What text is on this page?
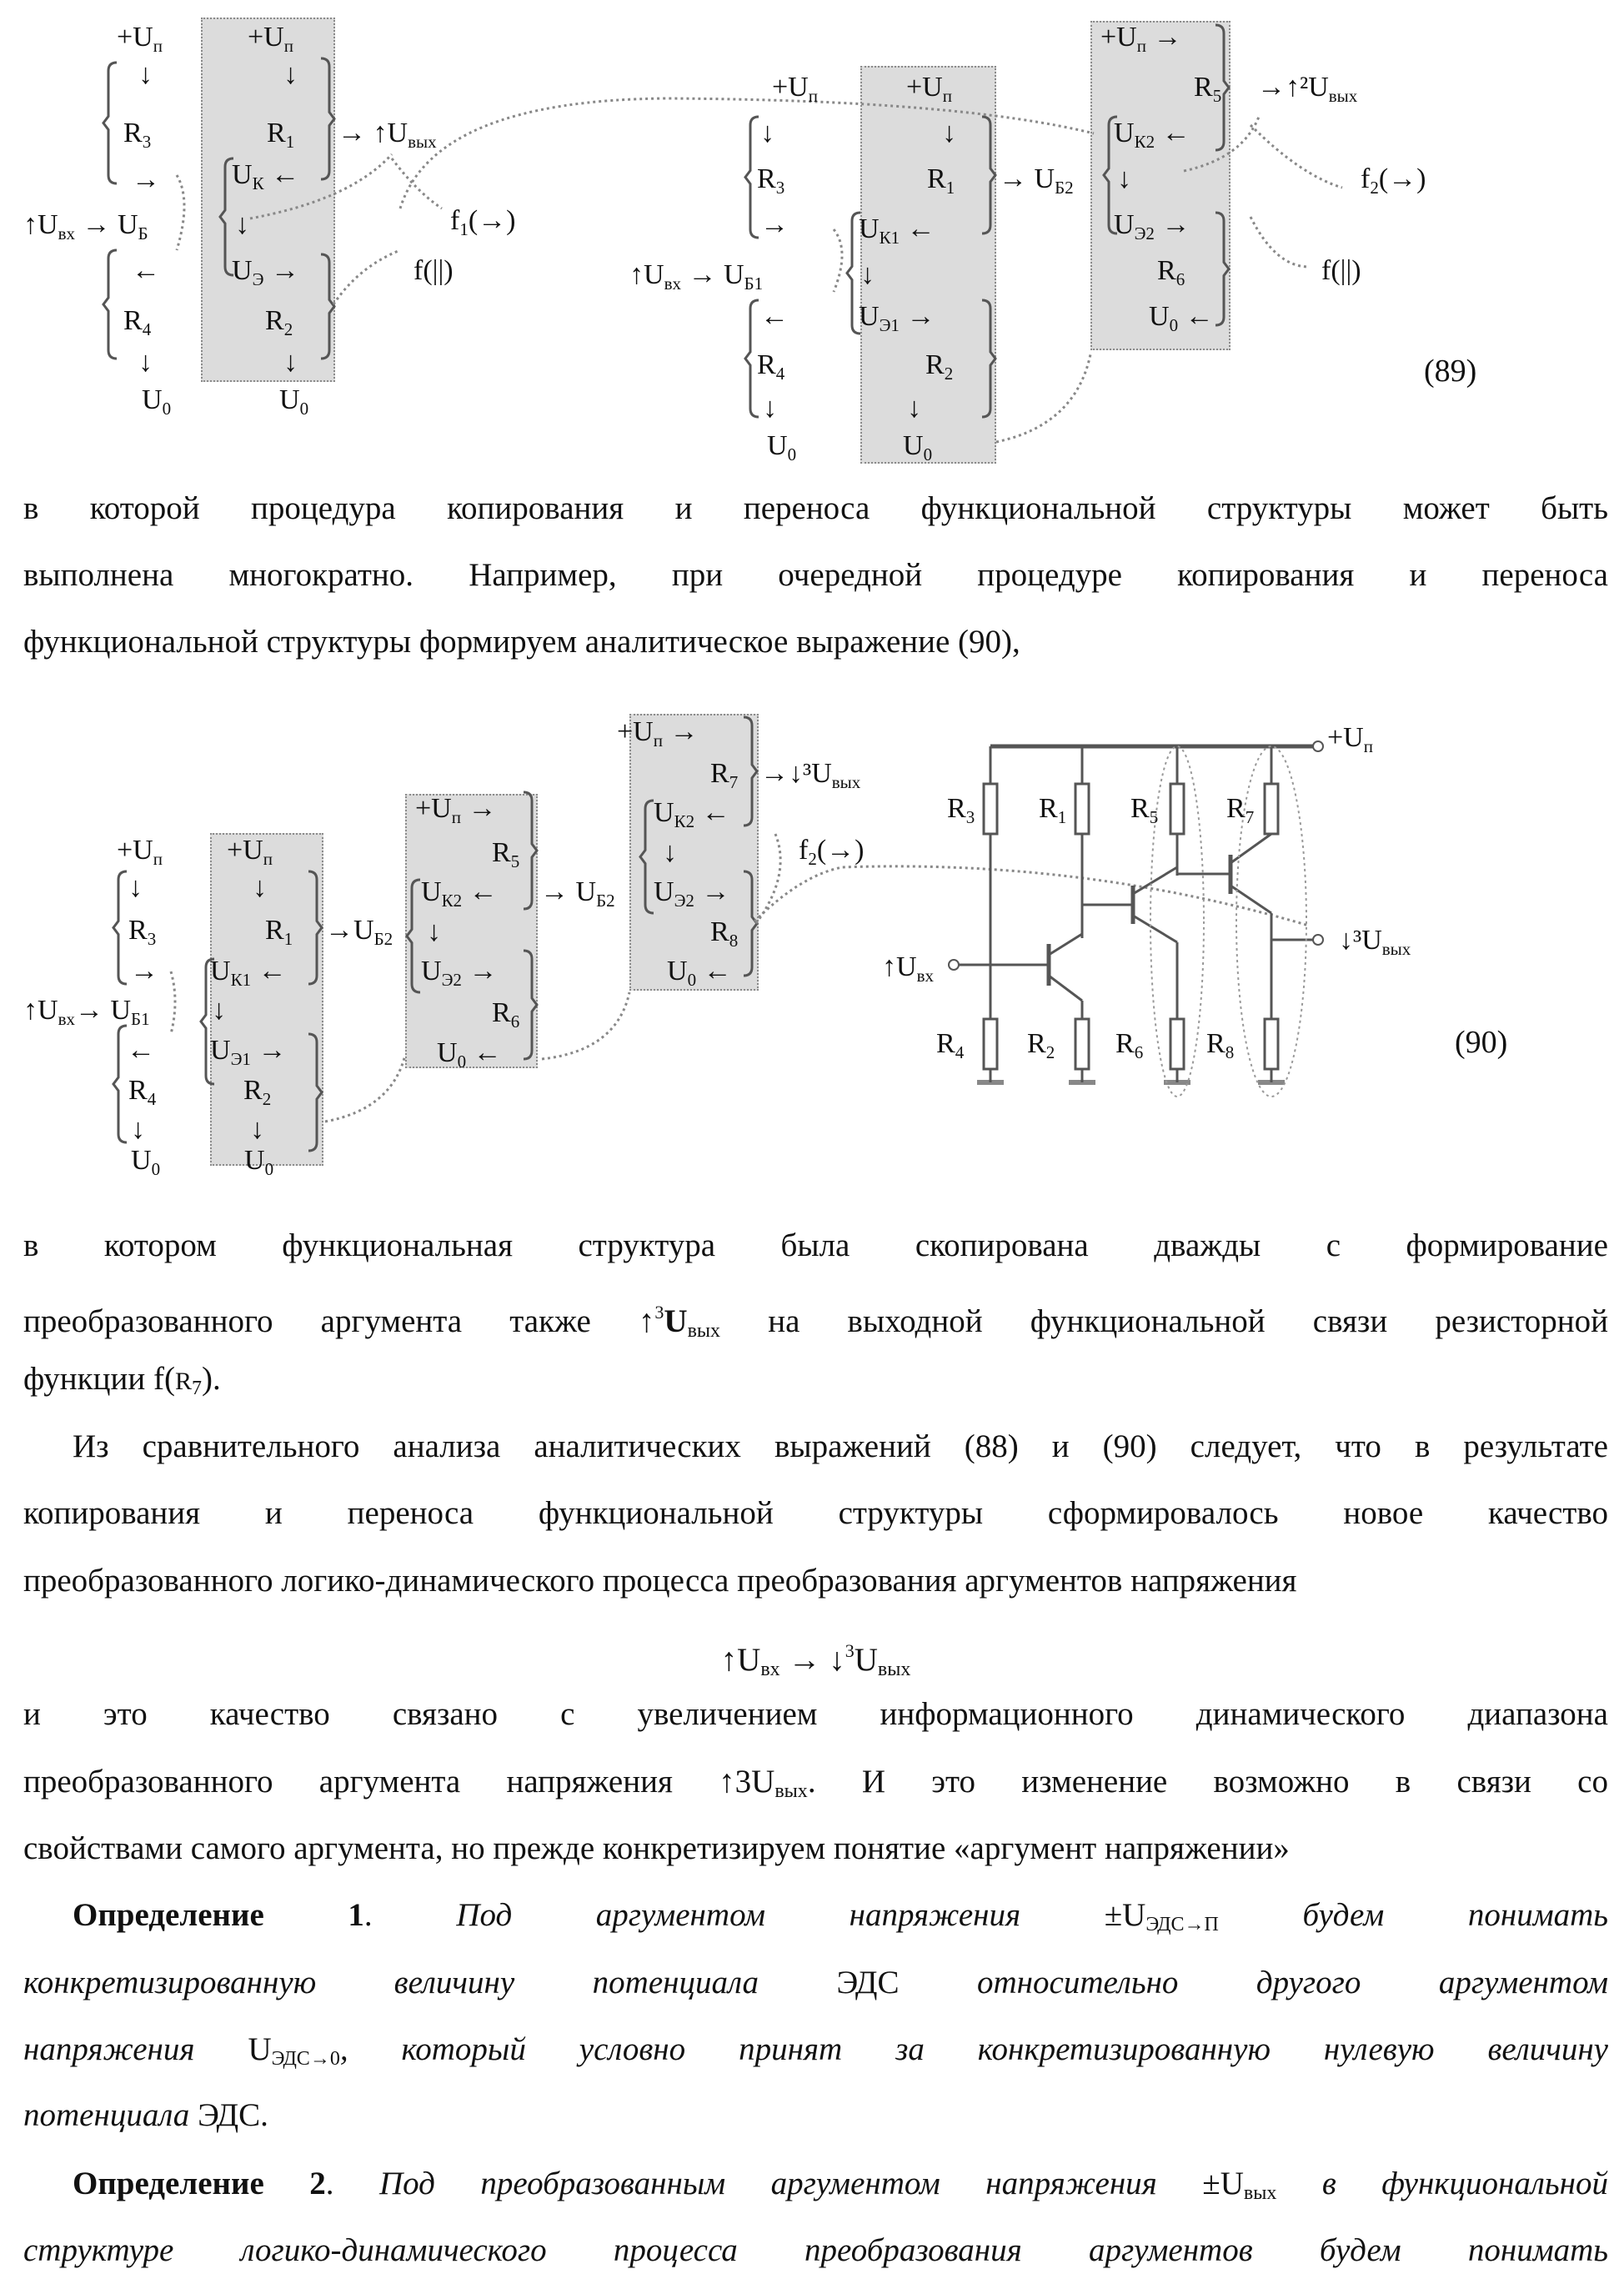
+Uп	+Uп
↓	↓
R3	R1 → ↑Uвых
→	UК ←
↑Uвх → UБ	↓	f1(→)
UЭ →	f(||)
←
R4	R2
↓	↓
U0	U0
+Uп	+Uп
↓	↓
R3	R1 → UБ2
→ UК1 ←
↑Uвх → UБ1	↓
UЭ1 →
←
R4	R2
↓	↓
U0	U0
+Uп →
R5 →↑²Uвых
UК2 ←
↓	f2(→)
UЭ2 →
f(||)
R6
U0 ←
(89)
+Uп
↓
R3
→
↑Uвх→ UБ1
←
R4
↓
U0
+Uп
↓
R1 →UБ2
UК1 ←
↓
UЭ1 →
R2
↓
U0
+Uп →
R5
→ UБ2
UК2 ←
↓
UЭ2 →
R6
U0 ←
+Uп →
R7 →↓³Uвых
UК2 ←
↓	f2(→)
UЭ2 →
R8
U0 ←
+Uп
R3 R1 R5 R7
R4 R2 R6 R8
↑Uвх
↓³Uвых
(90)
в которой процедура копирования и переноса функциональной структуры может быть
выполнена многократно. Например, при очередной процедуре копирования и переноса
функциональной структуры формируем аналитическое выражение (90),
в котором функциональная структура была скопирована дважды с формирование
преобразованного аргумента также ↑3Uвых на выходной функциональной связи резисторной
функции f(R7).
Из сравнительного анализа аналитических выражений (88) и (90) следует, что в результате
копирования и переноса функциональной структуры сформировалось новое качество
преобразованного логико-динамического процесса преобразования аргументов напряжения
↑Uвх → ↓3Uвых
и это качество связано с увеличением информационного динамического диапазона
преобразованного аргумента напряжения ↑3Uвых. И это изменение возможно в связи со
свойствами самого аргумента, но прежде конкретизируем понятие «аргумент напряжении»
Определение 1. Под аргументом напряжения ±UЭДС→П будем понимать
конкретизированную величину потенциала ЭДС относительно другого аргументом
напряжения UЭДС→0, который условно принят за конкретизированную нулевую величину
потенциала ЭДС.
Определение 2. Под преобразованным аргументом напряжения ±Uвых в функциональной
структуре логико-динамического процесса преобразования аргументов будем понимать
